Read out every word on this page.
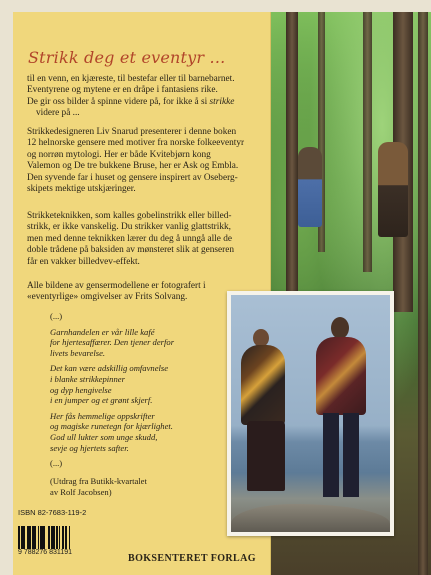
Strikk deg et eventyr ...
til en venn, en kjæreste, til bestefar eller til barnebarnet.
Eventyrene og mytene er en dråpe i fantasiens rike.
De gir oss bilder å spinne videre på, for ikke å si strikke
videre på ...
Strikkedesigneren Liv Snarud presenterer i denne boken
12 helnorske gensere med motiver fra norske folkeeventyr
og norrøn mytologi. Her er både Kvitebjørn kong
Valemon og De tre bukkene Bruse, her er Ask og Embla.
Den syvende far i huset og gensere inspirert av Oseberg-
skipets mektige utskjæringer.
Strikketeknikken, som kalles gobelinstrikk eller billed-
strikk, er ikke vanskelig. Du strikker vanlig glattstrikk,
men med denne teknikken lærer du deg å unngå alle de
doble trådene på baksiden av mønsteret slik at genseren
får en vakker billedvev-effekt.
Alle bildene av gensermodellene er fotografert i
«eventyrlige» omgivelser av Frits Solvang.
(...)
Garnhandelen er vår lille kafé
for hjertesaffærer. Den tjener derfor
livets bevarelse.
Det kan være adskillig omfavnelse
i blanke strikkepinner
og dyp hengivelse
i en jumper og et grønt skjerf.
Her fås hemmelige oppskrifter
og magiske runetegn for kjærlighet.
God ull lukter som unge skudd,
sevje og hjertets safter.
(...)
(Utdrag fra Butikk-kvartalet
av Rolf Jacobsen)
ISBN 82-7683-119-2
9 788276 831191
BOKSENTERET FORLAG
